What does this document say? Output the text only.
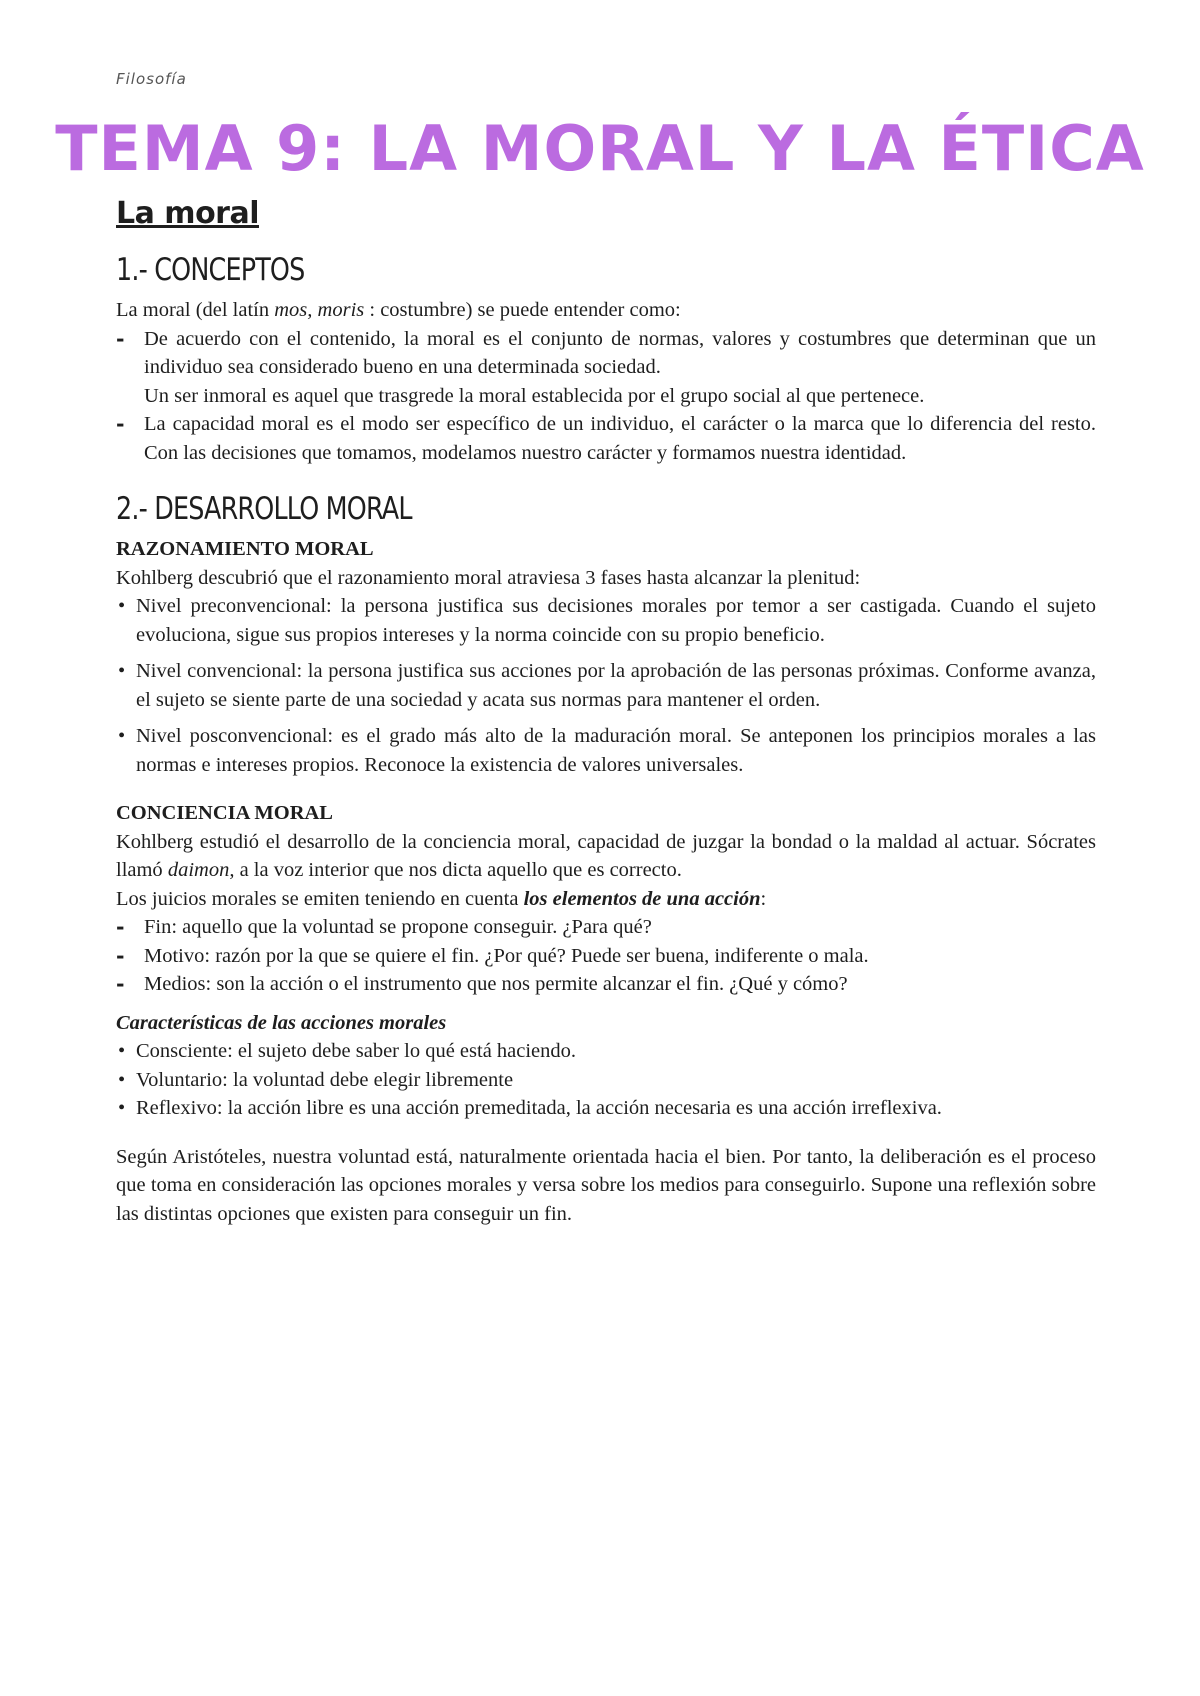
Filosofía
TEMA 9: LA MORAL Y LA ÉTICA
La moral
1.- CONCEPTOS

La moral (del latín mos, moris : costumbre) se puede entender como:

- De acuerdo con el contenido, la moral es el conjunto de normas, valores y costumbres que determinan que un individuo sea considerado bueno en una determinada sociedad.

Un ser inmoral es aquel que trasgrede la moral establecida por el grupo social al que pertenece.

- La capacidad moral es el modo ser específico de un individuo, el carácter o la marca que lo diferencia del resto. Con las decisiones que tomamos, modelamos nuestro carácter y formamos nuestra identidad.
2.- DESARROLLO MORAL

RAZONAMIENTO MORAL

Kohlberg descubrió que el razonamiento moral atraviesa 3 fases hasta alcanzar la plenitud:

• Nivel preconvencional: la persona justifica sus decisiones morales por temor a ser castigada. Cuando el sujeto evoluciona, sigue sus propios intereses y la norma coincide con su propio beneficio.
• Nivel convencional: la persona justifica sus acciones por la aprobación de las personas próximas. Conforme avanza, el sujeto se siente parte de una sociedad y acata sus normas para mantener el orden.
• Nivel posconvencional: es el grado más alto de la maduración moral. Se anteponen los principios morales a las normas e intereses propios. Reconoce la existencia de valores universales.

CONCIENCIA MORAL

Kohlberg estudió el desarrollo de la conciencia moral, capacidad de juzgar la bondad o la maldad al actuar. Sócrates llamó daimon, a la voz interior que nos dicta aquello que es correcto.

Los juicios morales se emiten teniendo en cuenta los elementos de una acción:

- Fin: aquello que la voluntad se propone conseguir. ¿Para qué?
- Motivo: razón por la que se quiere el fin. ¿Por qué? Puede ser buena, indiferente o mala.
- Medios: son la acción o el instrumento que nos permite alcanzar el fin. ¿Qué y cómo?

Características de las acciones morales

• Consciente: el sujeto debe saber lo qué está haciendo.
• Voluntario: la voluntad debe elegir libremente
• Reflexivo: la acción libre es una acción premeditada, la acción necesaria es una acción irreflexiva.

Según Aristóteles, nuestra voluntad está, naturalmente orientada hacia el bien. Por tanto, la deliberación es el proceso que toma en consideración las opciones morales y versa sobre los medios para conseguirlo. Supone una reflexión sobre las distintas opciones que existen para conseguir un fin.
